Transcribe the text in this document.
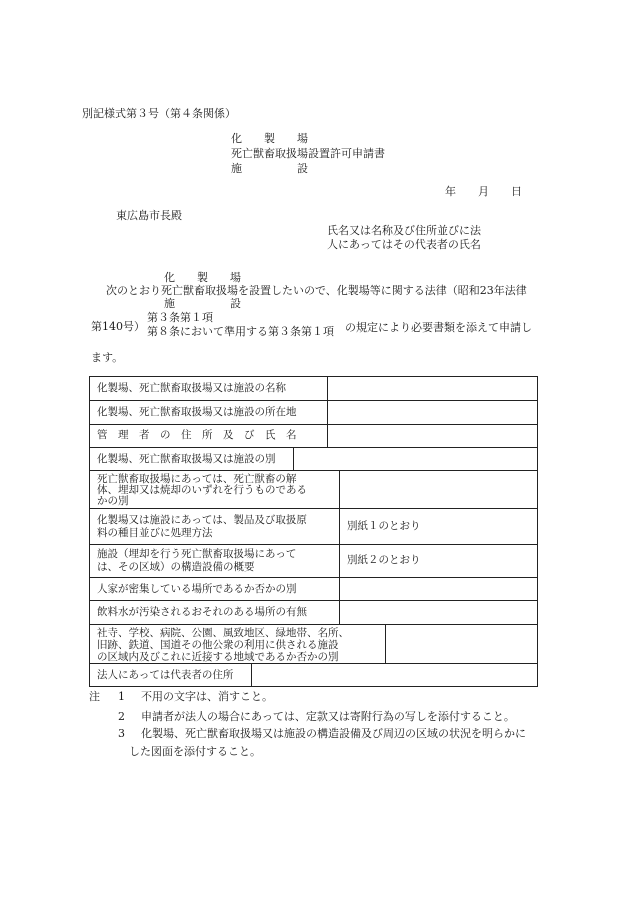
別記様式第３号（第４条関係）
化　　製　　場
死亡獣畜取扱場設置許可申請書
施　　　　　設
年　　月　　日
東広島市長殿
氏名又は名称及び住所並びに法
人にあってはその代表者の氏名
化　　製　　場
次のとおり死亡獣畜取扱場を設置したいので、化製場等に関する法律（昭和23年法律
施　　　　　設
第140号）
第３条第１項
第８条において準用する第３条第１項 の規定により必要書類を添えて申請し
ます。
化製場、死亡獣畜取扱場又は施設の名称
化製場、死亡獣畜取扱場又は施設の所在地
管　理　者　の　住　所　及　び　氏　名
化製場、死亡獣畜取扱場又は施設の別
死亡獣畜取扱場にあっては、死亡獣畜の解
体、埋却又は焼却のいずれを行うものである
かの別
化製場又は施設にあっては、製品及び取扱原
料の種目並びに処理方法
別紙１のとおり
施設（埋却を行う死亡獣畜取扱場にあって
は、その区域）の構造設備の概要
別紙２のとおり
人家が密集している場所であるか否かの別
飲料水が汚染されるおそれのある場所の有無
社寺、学校、病院、公園、風致地区、緑地帯、名所、
旧跡、鉄道、国道その他公衆の利用に供される施設
の区域内及びこれに近接する地域であるか否かの別
法人にあっては代表者の住所
注 1 不用の文字は、消すこと。
2 申請者が法人の場合にあっては、定款又は寄附行為の写しを添付すること。
3 化製場、死亡獣畜取扱場又は施設の構造設備及び周辺の区域の状況を明らかに
した図面を添付すること。
